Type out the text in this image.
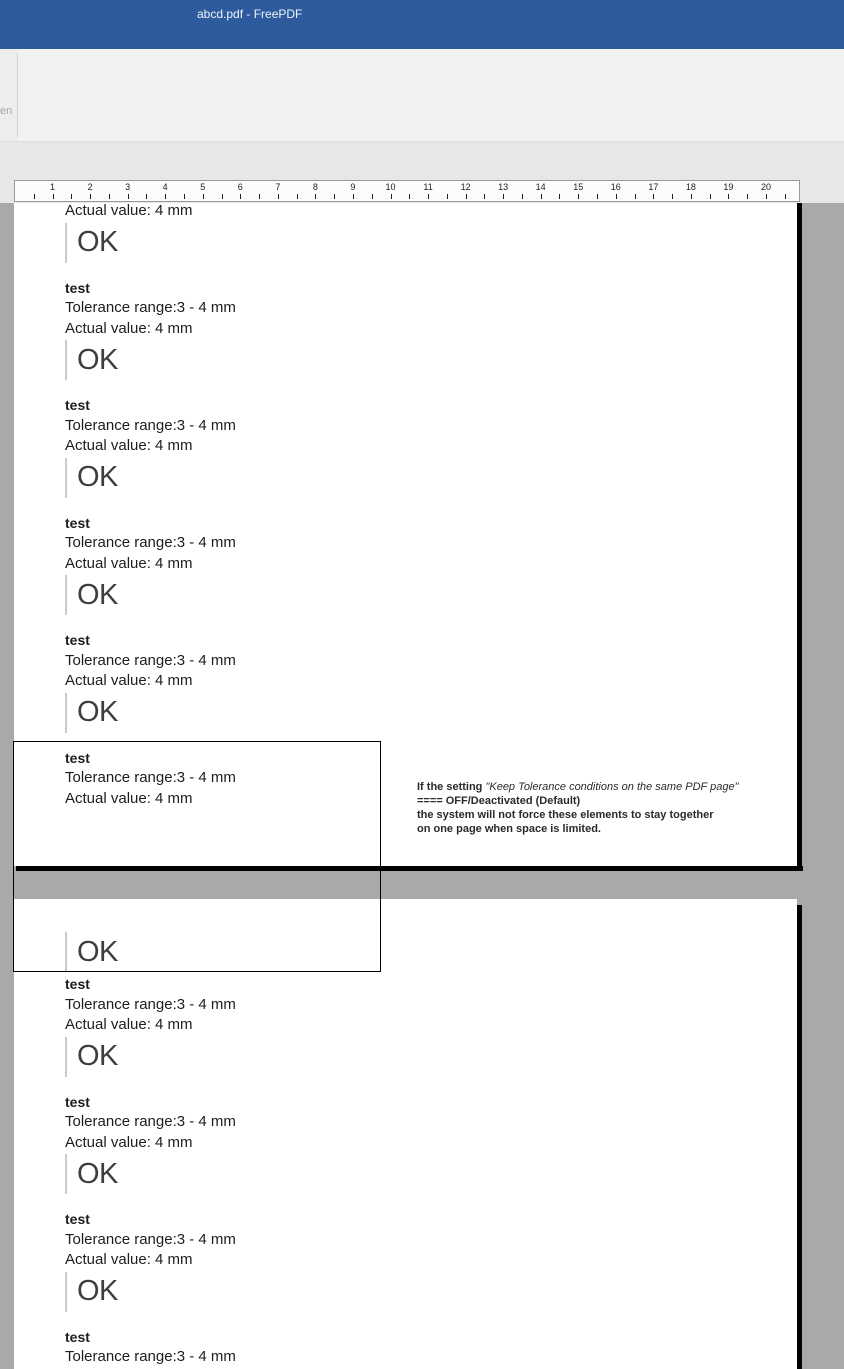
abcd.pdf - FreePDF
en
1	2	3	4	5	6	7	8	9	10	11	12	13	14	15	16	17	18	19	20
Actual value: 4 mm
OK
test
Tolerance range:3 - 4 mm
Actual value: 4 mm
OK
test
Tolerance range:3 - 4 mm
Actual value: 4 mm
OK
test
Tolerance range:3 - 4 mm
Actual value: 4 mm
OK
test
Tolerance range:3 - 4 mm
Actual value: 4 mm
OK
test
Tolerance range:3 - 4 mm
Actual value: 4 mm
OK
test
Tolerance range:3 - 4 mm
Actual value: 4 mm
OK
test
Tolerance range:3 - 4 mm
Actual value: 4 mm
OK
test
Tolerance range:3 - 4 mm
Actual value: 4 mm
OK
test
Tolerance range:3 - 4 mm
If the setting "Keep Tolerance conditions on the same PDF page"
==== OFF/Deactivated (Default)
the system will not force these elements to stay together
on one page when space is limited.
